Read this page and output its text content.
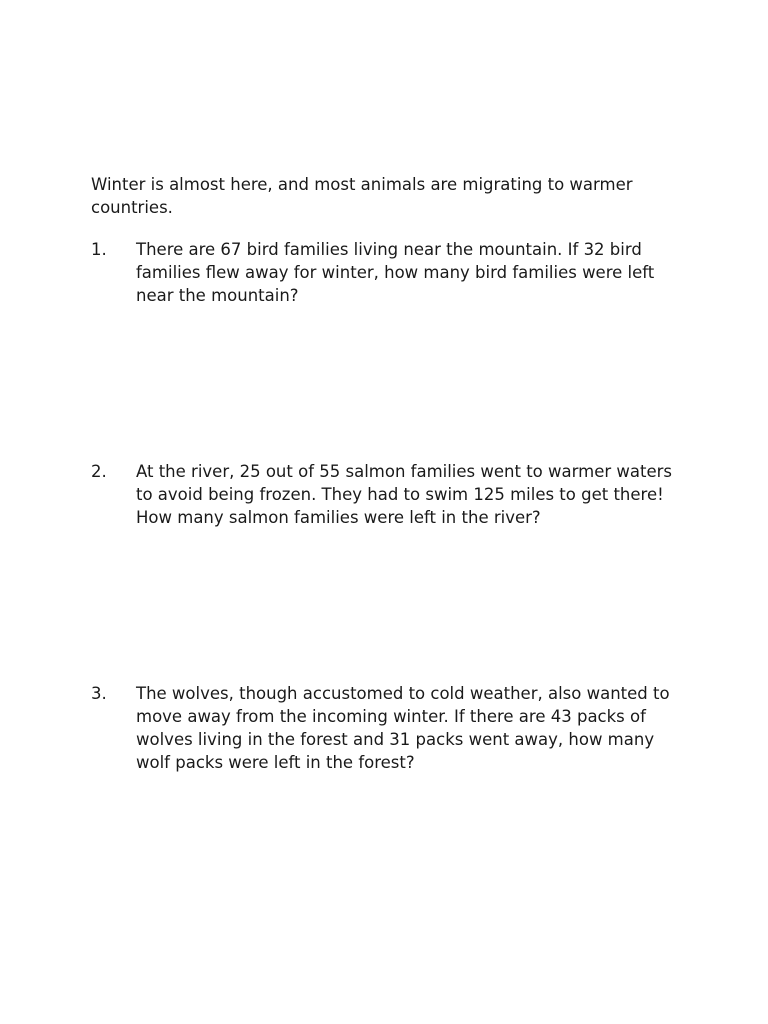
Winter is almost here, and most animals are migrating to warmer countries.

1.	There are 67 bird families living near the mountain. If 32 bird families flew away for winter, how many bird families were left near the mountain?

2.	At the river, 25 out of 55 salmon families went to warmer waters to avoid being frozen. They had to swim 125 miles to get there! How many salmon families were left in the river?

3.	The wolves, though accustomed to cold weather, also wanted to move away from the incoming winter. If there are 43 packs of wolves living in the forest and 31 packs went away, how many wolf packs were left in the forest?
